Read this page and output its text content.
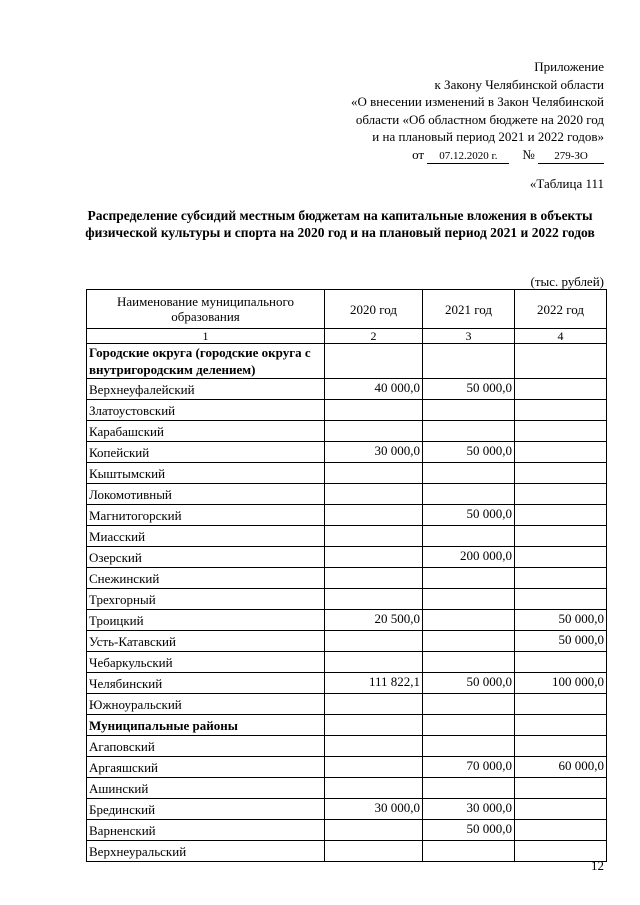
Приложение
к Закону Челябинской области
«О внесении изменений в Закон Челябинской
области «Об областном бюджете на 2020 год
и на плановый период 2021 и 2022 годов»
от 07.12.2020 г. № 279-ЗО
«Таблица 111
Распределение субсидий местным бюджетам на капитальные вложения в объекты физической культуры и спорта на 2020 год и на плановый период 2021 и 2022 годов
(тыс. рублей)
Наименование муниципального образования	2020 год	2021 год	2022 год
1	2	3	4
Городские округа (городские округа с внутригородским делением)			
Верхнеуфалейский	40 000,0	50 000,0	
Златоустовский			
Карабашский			
Копейский	30 000,0	50 000,0	
Кыштымский			
Локомотивный			
Магнитогорский		50 000,0	
Миасский			
Озерский		200 000,0	
Снежинский			
Трехгорный			
Троицкий	20 500,0		50 000,0
Усть-Катавский			50 000,0
Чебаркульский			
Челябинский	111 822,1	50 000,0	100 000,0
Южноуральский			
Муниципальные районы			
Агаповский			
Аргаяшский		70 000,0	60 000,0
Ашинский			
Брединский	30 000,0	30 000,0	
Варненский		50 000,0	
Верхнеуральский			
12
